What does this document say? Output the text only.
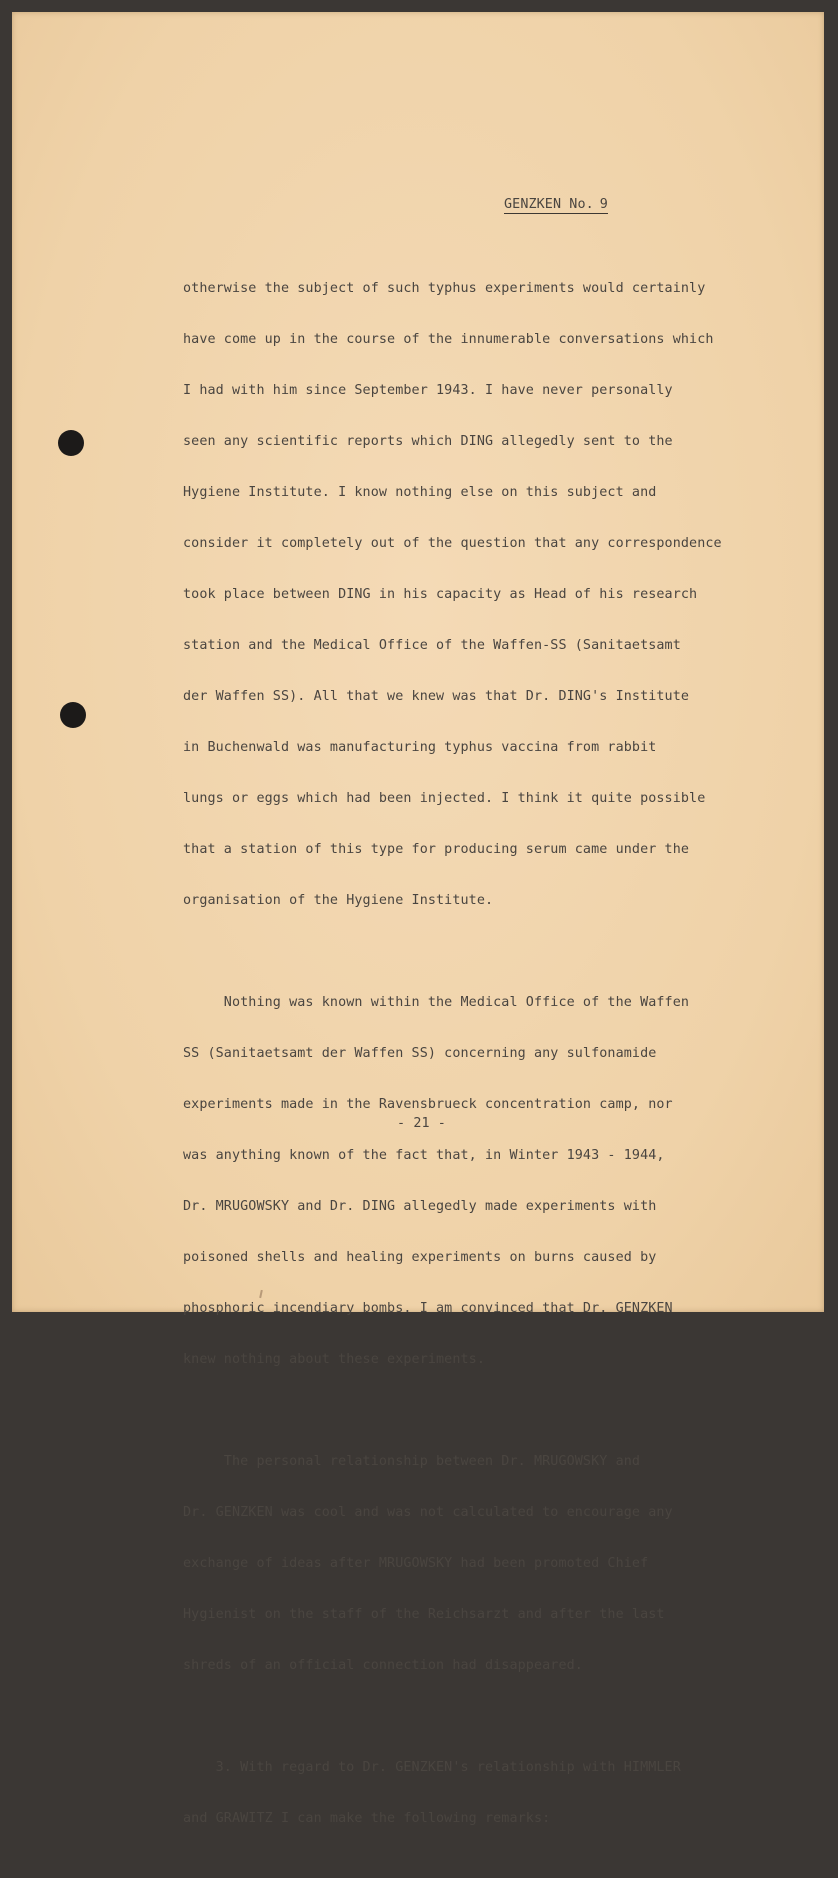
GENZKEN No. 9

otherwise the subject of such typhus experiments would certainly

have come up in the course of the innumerable conversations which

I had with him since September 1943. I have never personally

seen any scientific reports which DING allegedly sent to the

Hygiene Institute. I know nothing else on this subject and

consider it completely out of the question that any correspondence

took place between DING in his capacity as Head of his research

station and the Medical Office of the Waffen-SS (Sanitaetsamt

der Waffen SS). All that we knew was that Dr. DING's Institute

in Buchenwald was manufacturing typhus vaccina from rabbit

lungs or eggs which had been injected. I think it quite possible

that a station of this type for producing serum came under the

organisation of the Hygiene Institute.

Nothing was known within the Medical Office of the Waffen

SS (Sanitaetsamt der Waffen SS) concerning any sulfonamide

experiments made in the Ravensbrueck concentration camp, nor

was anything known of the fact that, in Winter 1943 - 1944,

Dr. MRUGOWSKY and Dr. DING allegedly made experiments with

poisoned shells and healing experiments on burns caused by

phosphoric incendiary bombs. I am convinced that Dr. GENZKEN

knew nothing about these experiments.

The personal relationship between Dr. MRUGOWSKY and

Dr. GENZKEN was cool and was not calculated to encourage any

exchange of ideas after MRUGOWSKY had been promoted Chief

Hygienist on the staff of the Reichsarzt and after the last

shreds of an official connection had disappeared.

3. With regard to Dr. GENZKEN's relationship with HIMMLER

and GRAWITZ I can make the following remarks:

- 21 -
